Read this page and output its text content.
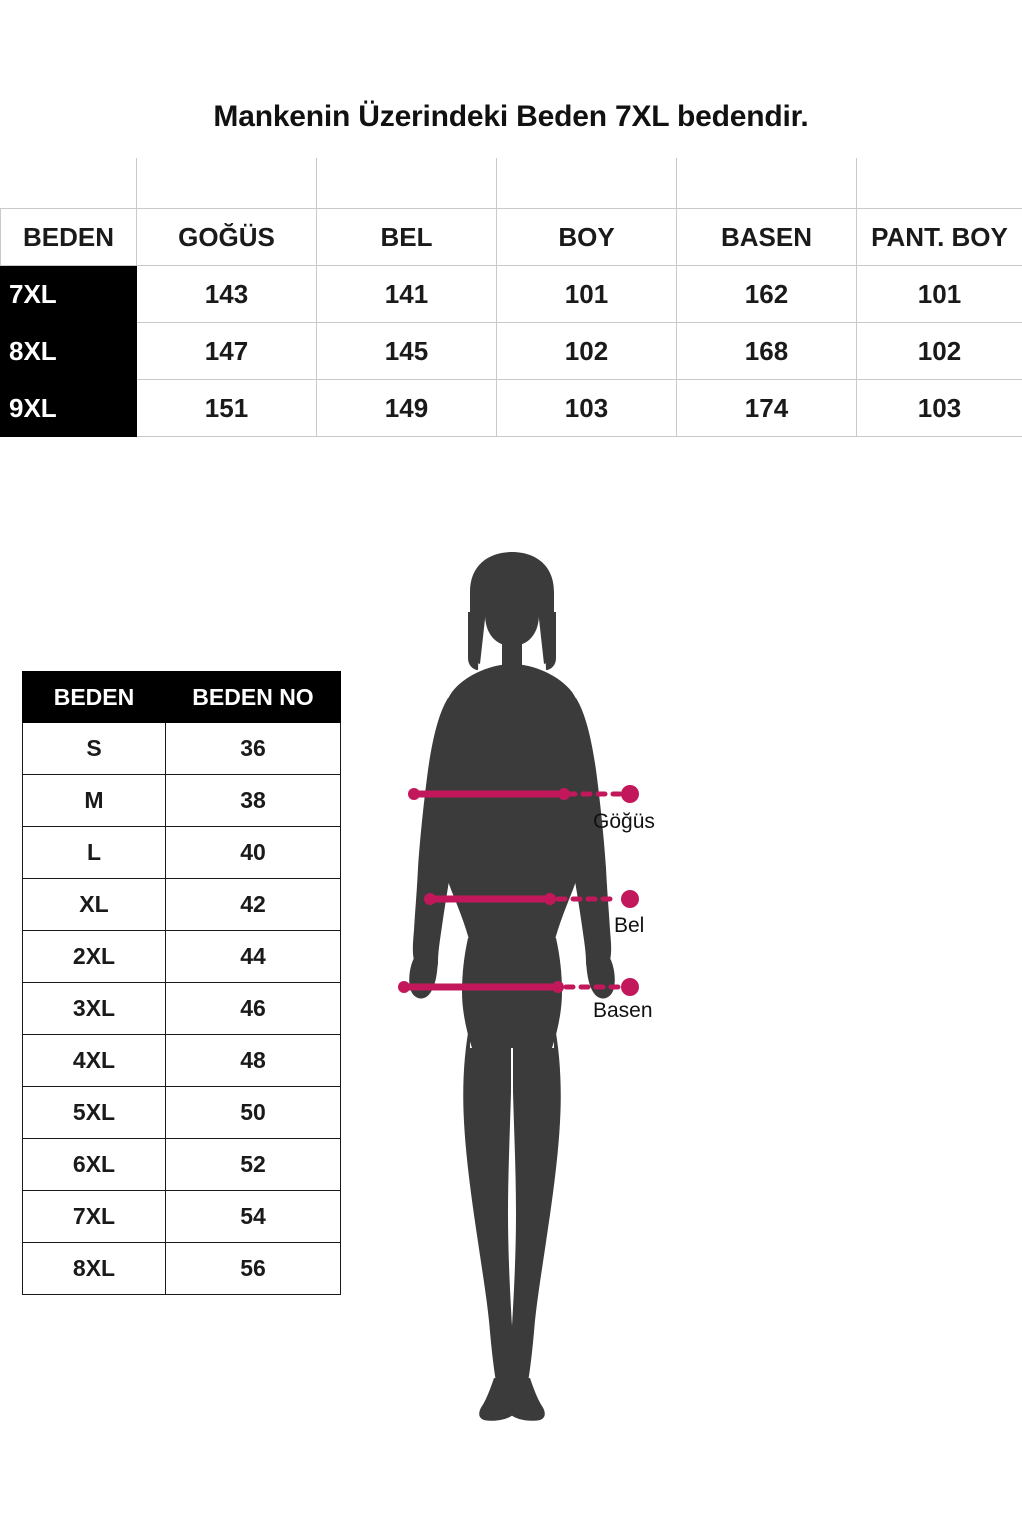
Mankenin Üzerindeki Beden 7XL bedendir.

BEDEN	GOĞÜS	BEL	BOY	BASEN	PANT. BOY
7XL	143	141	101	162	101
8XL	147	145	102	168	102
9XL	151	149	103	174	103
BEDEN	BEDEN NO
S	36
M	38
L	40
XL	42
2XL	44
3XL	46
4XL	48
5XL	50
6XL	52
7XL	54
8XL	56
Göğüs
Bel
Basen
